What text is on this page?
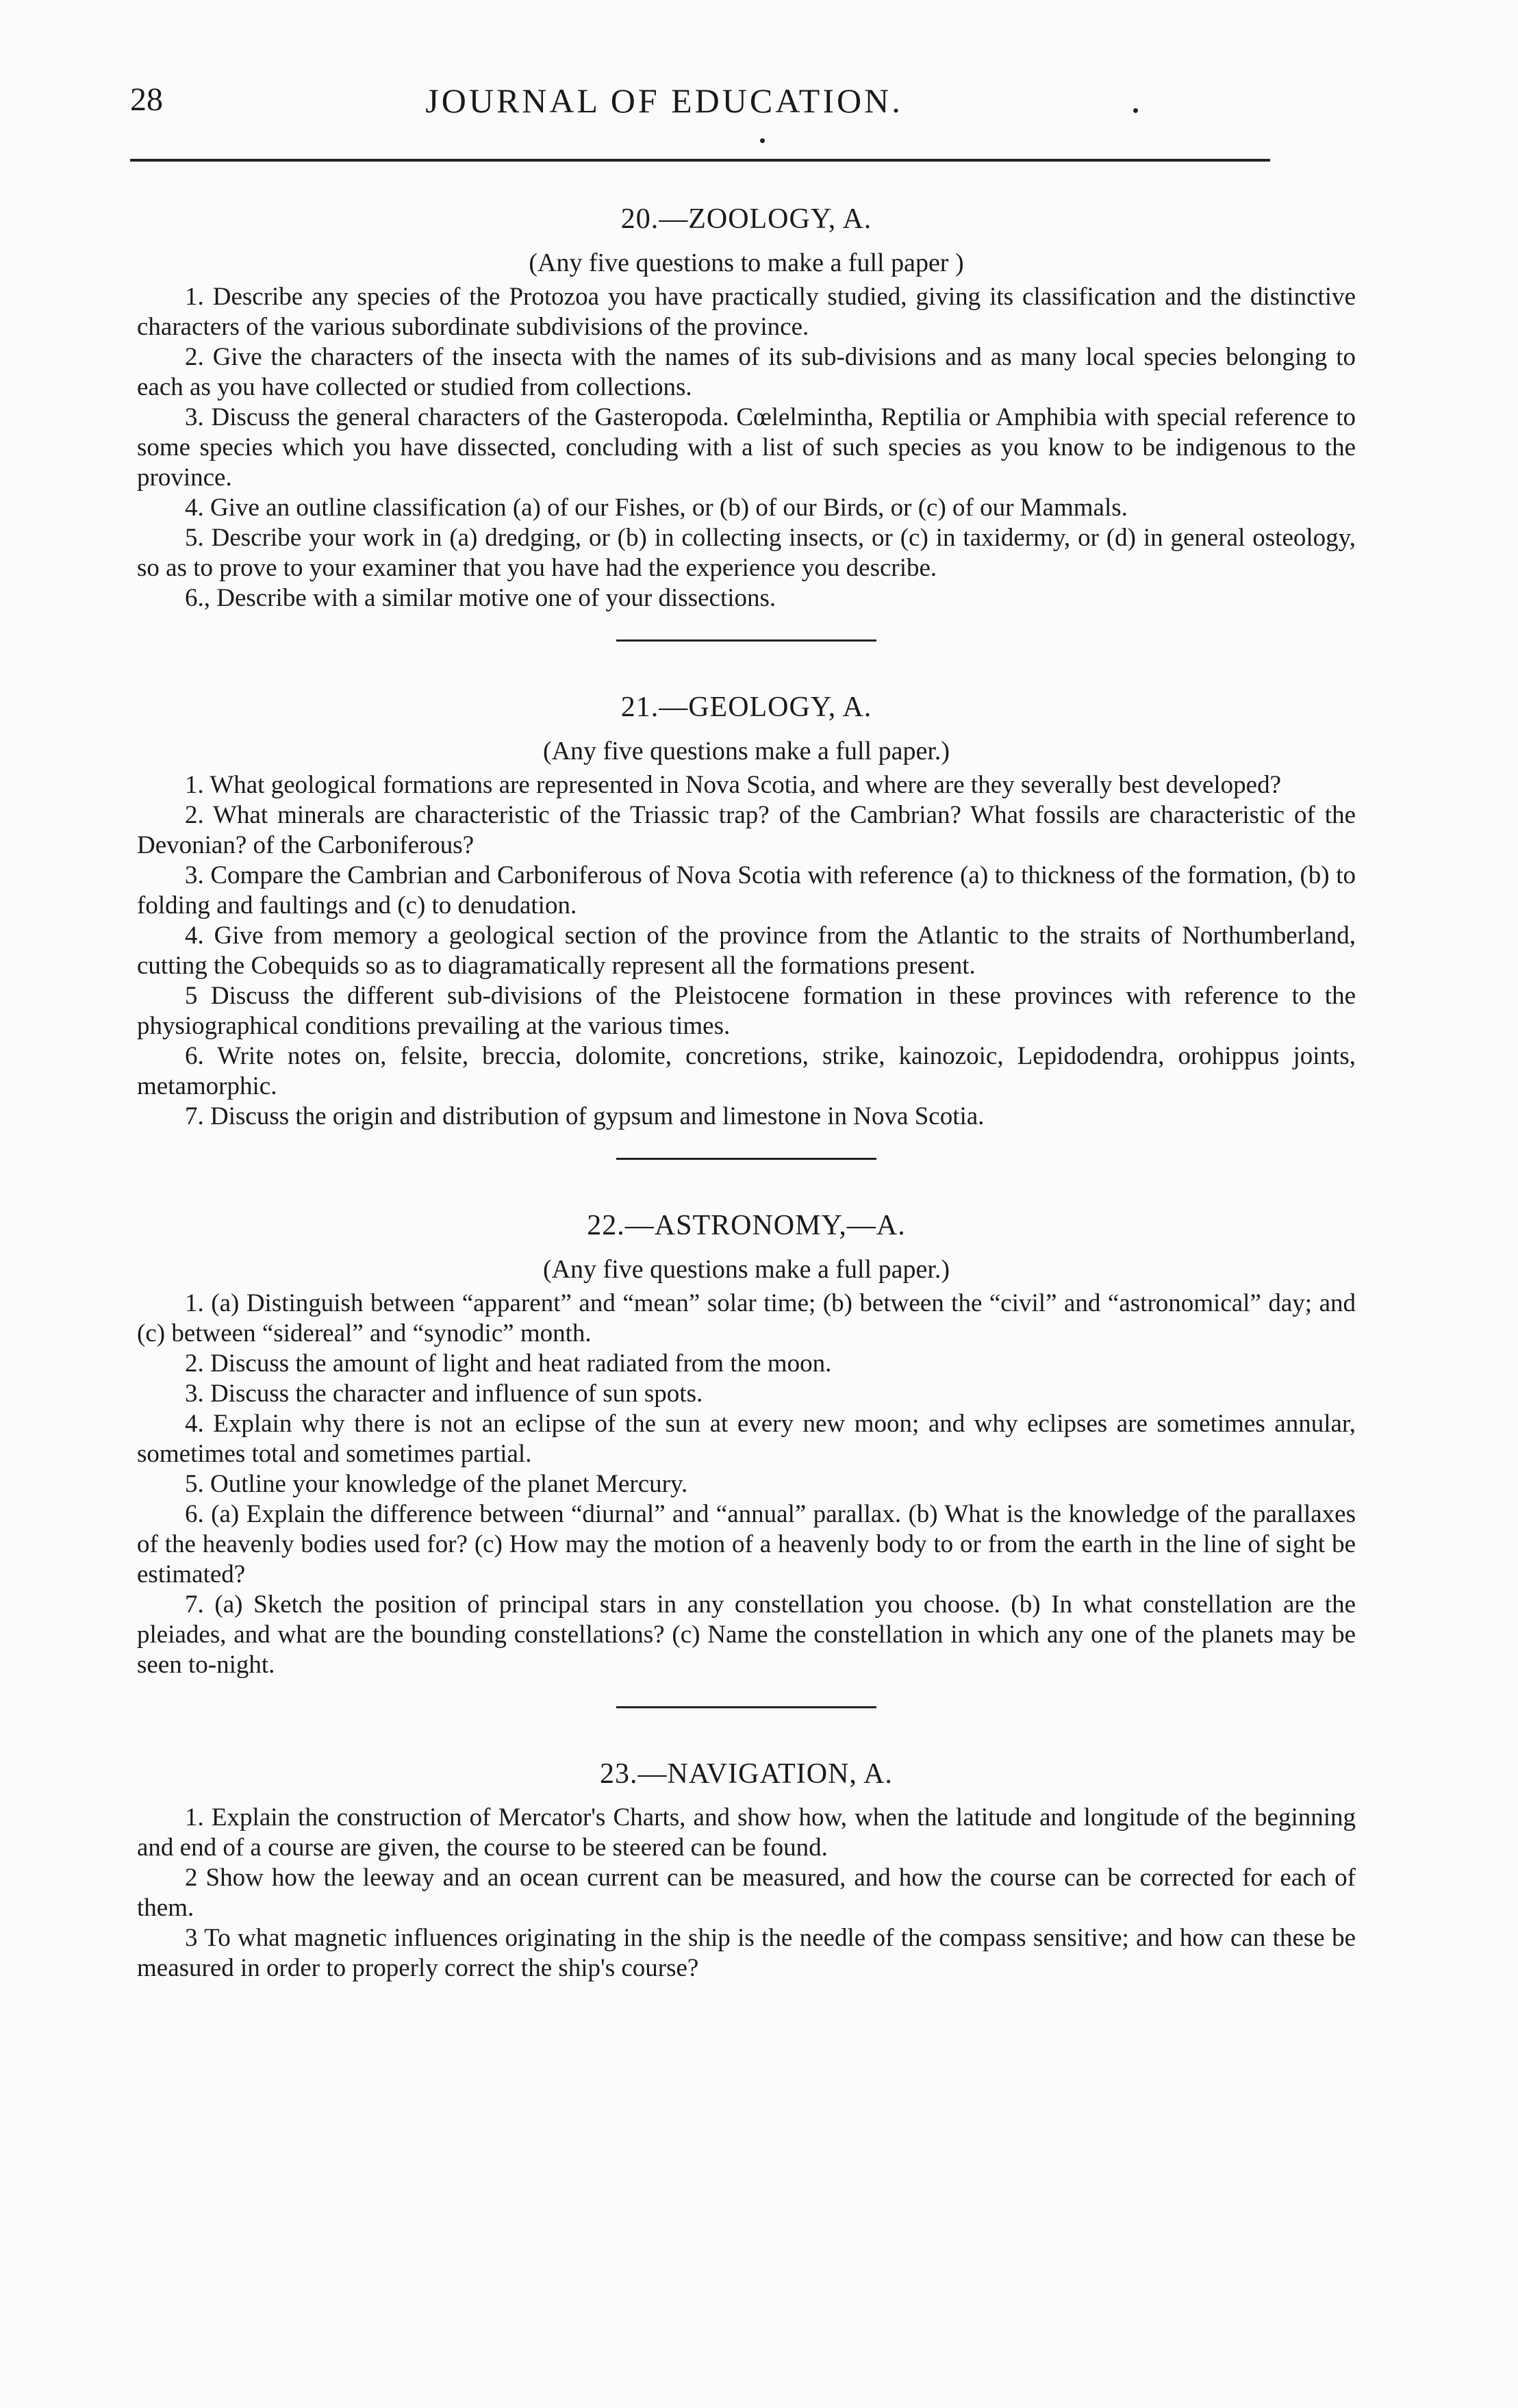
28	JOURNAL OF EDUCATION.
20.—ZOOLOGY, A.
(Any five questions to make a full paper )

1. Describe any species of the Protozoa you have practically studied, giving its classification and the distinctive characters of the various subordinate subdivisions of the province.

2. Give the characters of the insecta with the names of its sub-divisions and as many local species belonging to each as you have collected or studied from collections.

3. Discuss the general characters of the Gasteropoda. Cœlelmintha, Reptilia or Amphibia with special reference to some species which you have dissected, concluding with a list of such species as you know to be indigenous to the province.

4. Give an outline classification (a) of our Fishes, or (b) of our Birds, or (c) of our Mammals.

5. Describe your work in (a) dredging, or (b) in collecting insects, or (c) in taxidermy, or (d) in general osteology, so as to prove to your examiner that you have had the experience you describe.

6., Describe with a similar motive one of your dissections.

21.—GEOLOGY, A.
(Any five questions make a full paper.)

1. What geological formations are represented in Nova Scotia, and where are they severally best developed?

2. What minerals are characteristic of the Triassic trap? of the Cambrian? What fossils are characteristic of the Devonian? of the Carboniferous?

3. Compare the Cambrian and Carboniferous of Nova Scotia with reference (a) to thickness of the formation, (b) to folding and faultings and (c) to denudation.

4. Give from memory a geological section of the province from the Atlantic to the straits of Northumberland, cutting the Cobequids so as to diagramatically represent all the formations present.

5 Discuss the different sub-divisions of the Pleistocene formation in these provinces with reference to the physiographical conditions prevailing at the various times.

6. Write notes on, felsite, breccia, dolomite, concretions, strike, kainozoic, Lepidodendra, orohippus joints, metamorphic.

7. Discuss the origin and distribution of gypsum and limestone in Nova Scotia.

22.—ASTRONOMY,—A.
(Any five questions make a full paper.)

1. (a) Distinguish between “apparent” and “mean” solar time; (b) between the “civil” and “astronomical” day; and (c) between “sidereal” and “synodic” month.

2. Discuss the amount of light and heat radiated from the moon.

3. Discuss the character and influence of sun spots.

4. Explain why there is not an eclipse of the sun at every new moon; and why eclipses are sometimes annular, sometimes total and sometimes partial.

5. Outline your knowledge of the planet Mercury.

6. (a) Explain the difference between “diurnal” and “annual” parallax. (b) What is the knowledge of the parallaxes of the heavenly bodies used for? (c) How may the motion of a heavenly body to or from the earth in the line of sight be estimated?

7. (a) Sketch the position of principal stars in any constellation you choose. (b) In what constellation are the pleiades, and what are the bounding constellations? (c) Name the constellation in which any one of the planets may be seen to-night.

23.—NAVIGATION, A.

1. Explain the construction of Mercator's Charts, and show how, when the latitude and longitude of the beginning and end of a course are given, the course to be steered can be found.

2 Show how the leeway and an ocean current can be measured, and how the course can be corrected for each of them.

3 To what magnetic influences originating in the ship is the needle of the compass sensitive; and how can these be measured in order to properly correct the ship's course?
